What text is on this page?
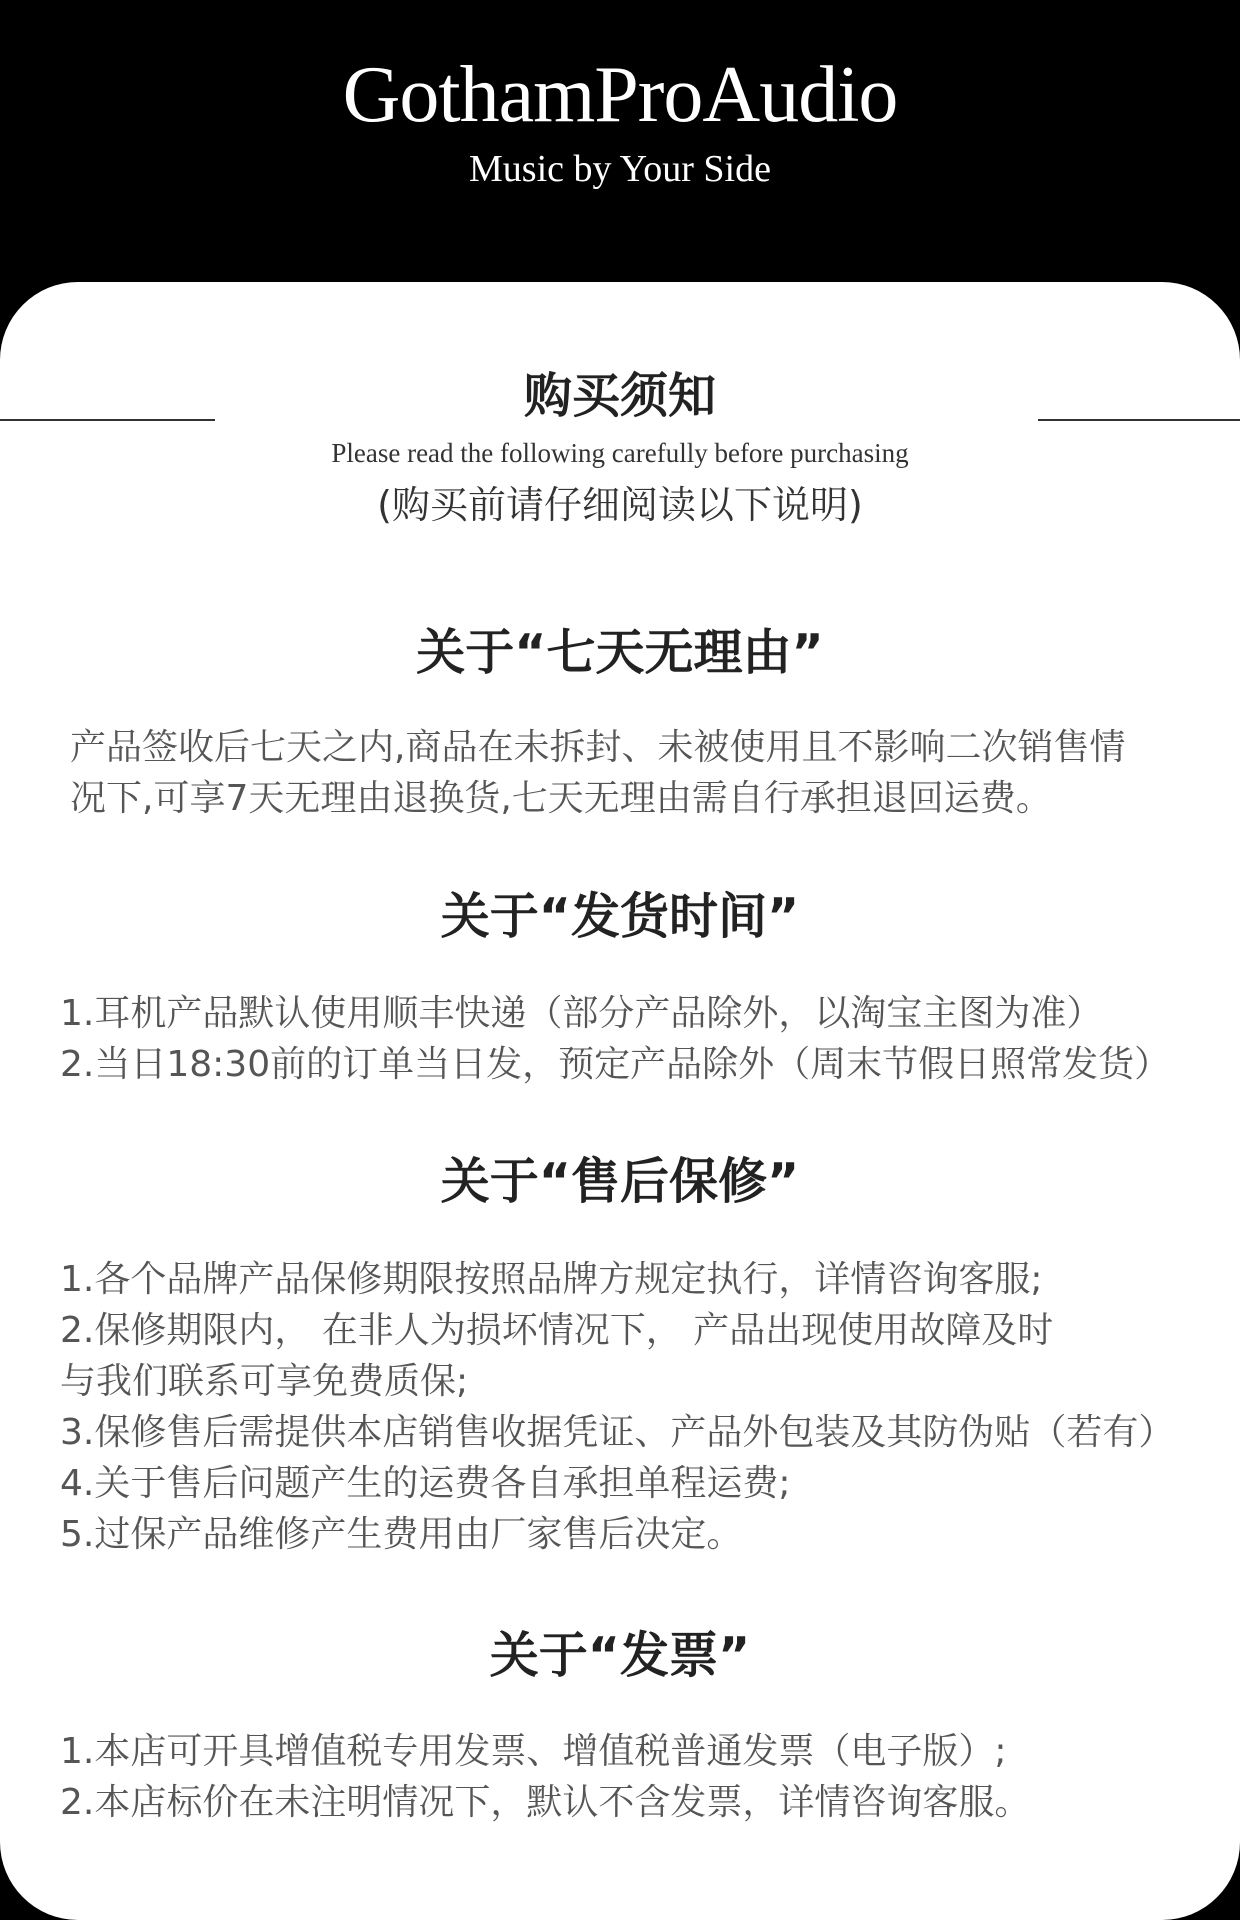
GothamProAudio
Music by Your Side
购买须知
Please read the following carefully before purchasing
(购买前请仔细阅读以下说明)
关于“七天无理由”
产品签收后七天之内,商品在未拆封、未被使用且不影响二次销售情
况下,可享7天无理由退换货,七天无理由需自行承担退回运费。
关于“发货时间”
1.耳机产品默认使用顺丰快递（部分产品除外，以淘宝主图为准）
2.当日18:30前的订单当日发，预定产品除外（周末节假日照常发货）
关于“售后保修”
1.各个品牌产品保修期限按照品牌方规定执行，详情咨询客服;
2.保修期限内， 在非人为损坏情况下， 产品出现使用故障及时
与我们联系可享免费质保;
3.保修售后需提供本店销售收据凭证、产品外包装及其防伪贴（若有）
4.关于售后问题产生的运费各自承担单程运费;
5.过保产品维修产生费用由厂家售后决定。
关于“发票”
1.本店可开具增值税专用发票、增值税普通发票（电子版）;
2.本店标价在未注明情况下，默认不含发票，详情咨询客服。
